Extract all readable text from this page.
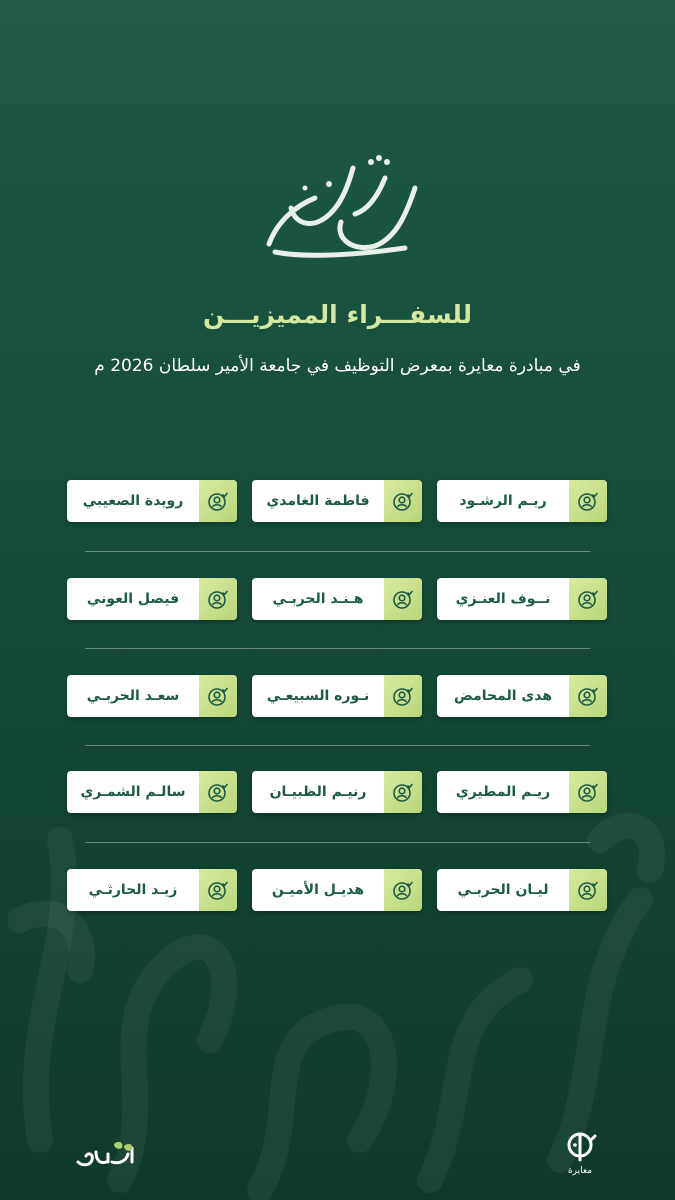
للسفـــراء المميزيـــن
في مبادرة معايرة بمعرض التوظيف في جامعة الأمير سلطان 2026 م
ريـم الرشـود
فاطمة الغامدي
رويدة الصعيبي
نــوف العنـزي
هـنـد الحربـي
فيصل العوني
هدى المحامض
نـوره السبيعـي
سعـد الحربـي
ريـم المطيري
رنيـم الظبيـان
سالـم الشمـري
ليـان الحربـي
هديـل الأميـن
زيـد الحارثـي
معايرة
